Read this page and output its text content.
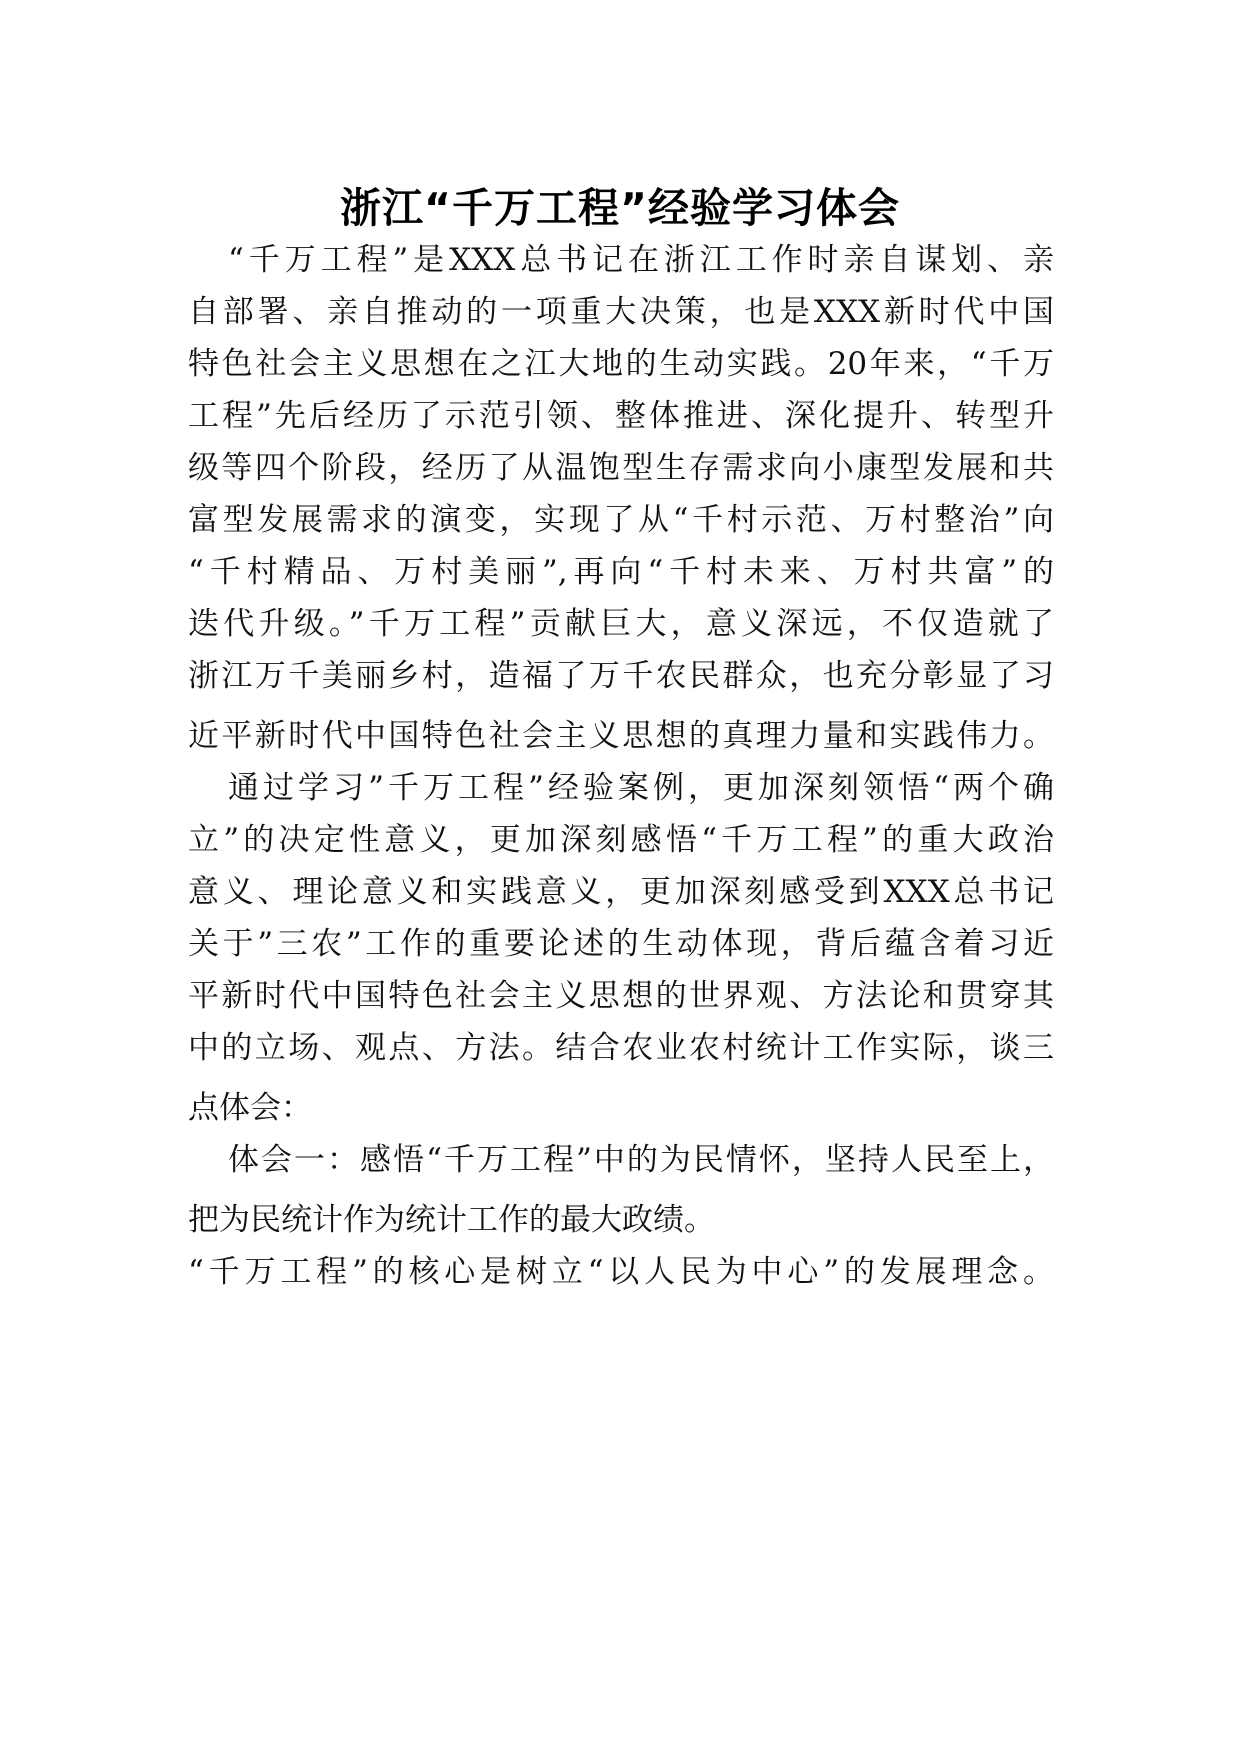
浙江“千万工程”经验学习体会

“千万工程”是XXX总书记在浙江工作时亲自谋划、亲

自部署、亲自推动的一项重大决策，也是XXX新时代中国

特色社会主义思想在之江大地的生动实践。20年来，“千万

工程”先后经历了示范引领、整体推进、深化提升、转型升

级等四个阶段，经历了从温饱型生存需求向小康型发展和共

富型发展需求的演变，实现了从“千村示范、万村整治”向

“千村精品、万村美丽”,再向“千村未来、万村共富”的

迭代升级。”千万工程”贡献巨大，意义深远，不仅造就了

浙江万千美丽乡村，造福了万千农民群众，也充分彰显了习

近平新时代中国特色社会主义思想的真理力量和实践伟力。

通过学习”千万工程”经验案例，更加深刻领悟“两个确

立”的决定性意义，更加深刻感悟“千万工程”的重大政治

意义、理论意义和实践意义，更加深刻感受到XXX总书记

关于”三农”工作的重要论述的生动体现，背后蕴含着习近

平新时代中国特色社会主义思想的世界观、方法论和贯穿其

中的立场、观点、方法。结合农业农村统计工作实际，谈三

点体会：

体会一：感悟“千万工程”中的为民情怀，坚持人民至上，

把为民统计作为统计工作的最大政绩。

“千万工程”的核心是树立“以人民为中心”的发展理念。
